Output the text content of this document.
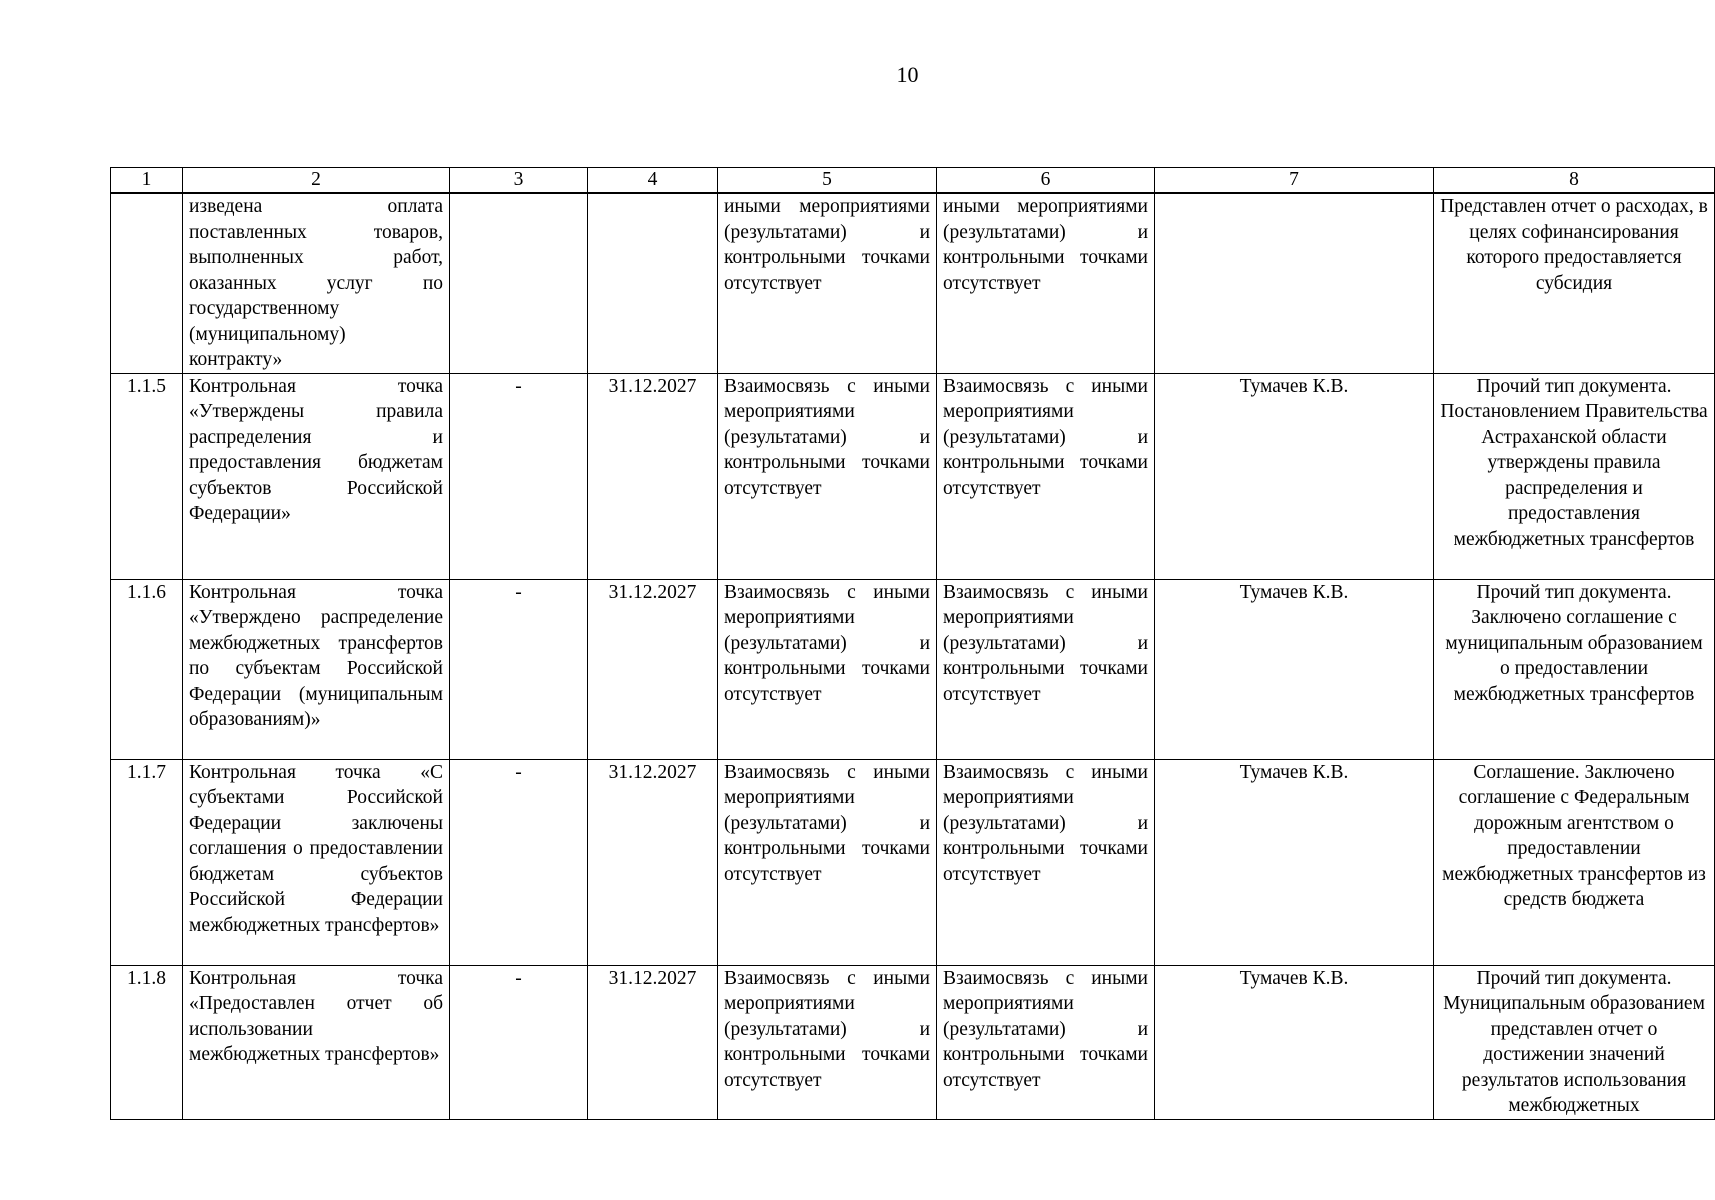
10
1	2	3	4	5	6	7	8
	изведена оплата поставленных товаров, выполненных работ, оказанных услуг по государственному (муниципальному) контракту»			иными мероприятиями (результатами) и контрольными точками отсутствует	иными мероприятиями (результатами) и контрольными точками отсутствует		Представлен отчет о расходах, в целях софинансирования которого предоставляется субсидия
1.1.5	Контрольная точка «Утверждены правила распределения и предоставления бюджетам субъектов Российской Федерации»	-	31.12.2027	Взаимосвязь с иными мероприятиями (результатами) и контрольными точками отсутствует	Взаимосвязь с иными мероприятиями (результатами) и контрольными точками отсутствует	Тумачев К.В.	Прочий тип документа. Постановлением Правительства Астраханской области утверждены правила распределения и предоставления межбюджетных трансфертов
1.1.6	Контрольная точка «Утверждено распределение межбюджетных трансфертов по субъектам Российской Федерации (муниципальным образованиям)»	-	31.12.2027	Взаимосвязь с иными мероприятиями (результатами) и контрольными точками отсутствует	Взаимосвязь с иными мероприятиями (результатами) и контрольными точками отсутствует	Тумачев К.В.	Прочий тип документа. Заключено соглашение с муниципальным образованием о предоставлении межбюджетных трансфертов
1.1.7	Контрольная точка «С субъектами Российской Федерации заключены соглашения о предоставлении бюджетам субъектов Российской Федерации межбюджетных трансфертов»	-	31.12.2027	Взаимосвязь с иными мероприятиями (результатами) и контрольными точками отсутствует	Взаимосвязь с иными мероприятиями (результатами) и контрольными точками отсутствует	Тумачев К.В.	Соглашение. Заключено соглашение с Федеральным дорожным агентством о предоставлении межбюджетных трансфертов из средств бюджета
1.1.8	Контрольная точка «Предоставлен отчет об использовании межбюджетных трансфертов»	-	31.12.2027	Взаимосвязь с иными мероприятиями (результатами) и контрольными точками отсутствует	Взаимосвязь с иными мероприятиями (результатами) и контрольными точками отсутствует	Тумачев К.В.	Прочий тип документа. Муниципальным образованием представлен отчет о достижении значений результатов использования межбюджетных
